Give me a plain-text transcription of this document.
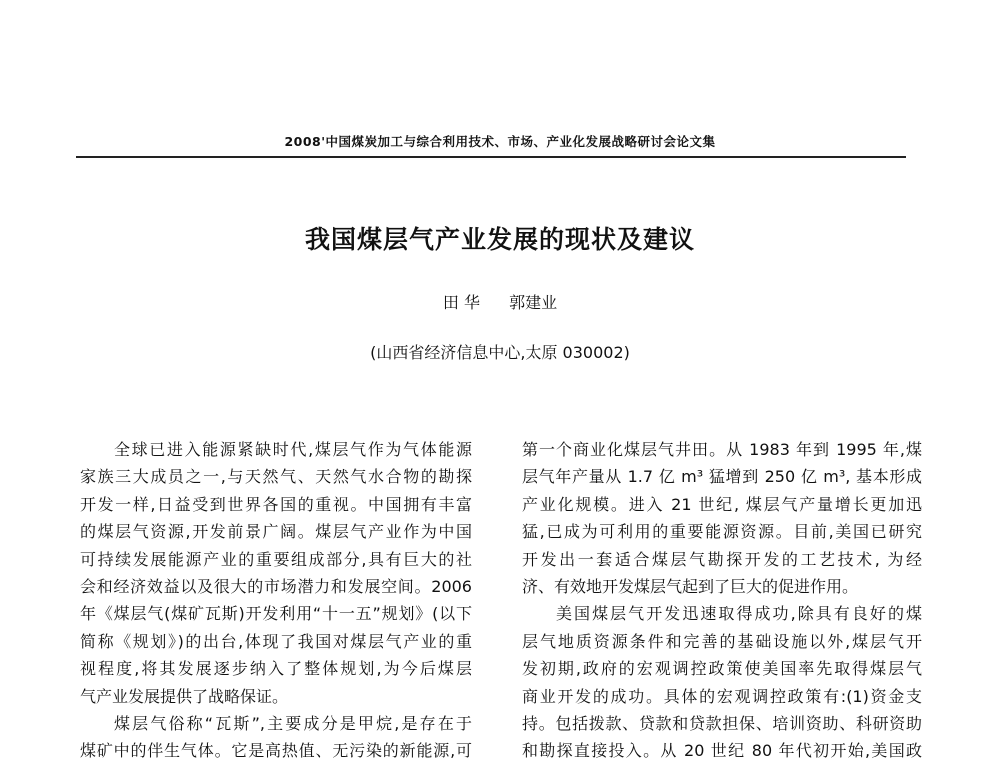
2008'中国煤炭加工与综合利用技术、市场、产业化发展战略研讨会论文集
我国煤层气产业发展的现状及建议
田 华 郭建业
(山西省经济信息中心,太原 030002)
全球已进入能源紧缺时代,煤层气作为气体能源
家族三大成员之一,与天然气、天然气水合物的勘探
开发一样,日益受到世界各国的重视。中国拥有丰富
的煤层气资源,开发前景广阔。煤层气产业作为中国
可持续发展能源产业的重要组成部分,具有巨大的社
会和经济效益以及很大的市场潜力和发展空间。2006
年《煤层气(煤矿瓦斯)开发利用“十一五”规划》(以下
简称《规划》)的出台,体现了我国对煤层气产业的重
视程度,将其发展逐步纳入了整体规划,为今后煤层
气产业发展提供了战略保证。
煤层气俗称“瓦斯”,主要成分是甲烷,是存在于
煤矿中的伴生气体。它是高热值、无污染的新能源,可
第一个商业化煤层气井田。从 1983 年到 1995 年,煤
层气年产量从 1.7 亿 m³ 猛增到 250 亿 m³, 基本形成
产业化规模。进入 21 世纪, 煤层气产量增长更加迅
猛,已成为可利用的重要能源资源。目前,美国已研究
开发出一套适合煤层气勘探开发的工艺技术, 为经
济、有效地开发煤层气起到了巨大的促进作用。
美国煤层气开发迅速取得成功,除具有良好的煤
层气地质资源条件和完善的基础设施以外,煤层气开
发初期,政府的宏观调控政策使美国率先取得煤层气
商业开发的成功。具体的宏观调控政策有:(1)资金支
持。包括拨款、贷款和贷款担保、培训资助、科研资助
和勘探直接投入。从 20 世纪 80 年代初开始,美国政
